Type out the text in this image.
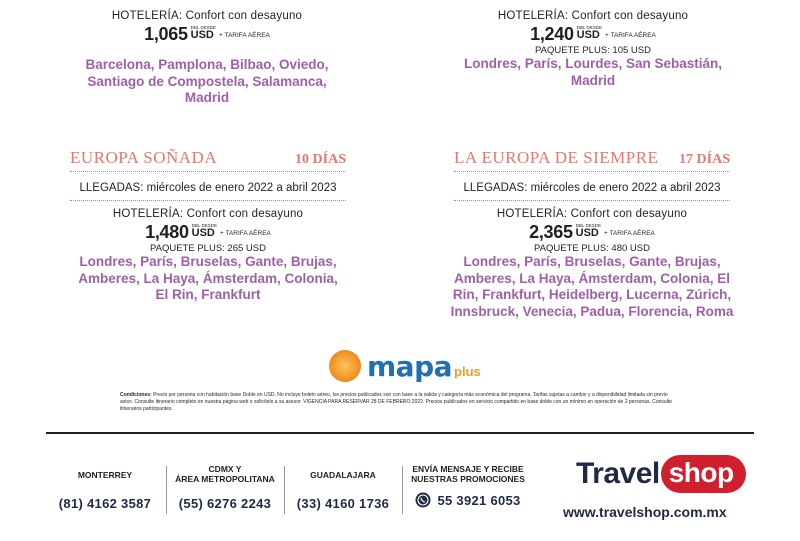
HOTELERÍA: Confort con desayuno
1,065 DBL DESDE
USD + TARIFA AÉREA
Barcelona, Pamplona, Bilbao, Oviedo, Santiago de Compostela, Salamanca, Madrid
HOTELERÍA: Confort con desayuno
1,240 DBL DESDE
USD + TARIFA AÉREA
PAQUETE PLUS: 105 USD
Londres, París, Lourdes, San Sebastián, Madrid
EUROPA SOÑADA	10 DÍAS
LLEGADAS: miércoles de enero 2022 a abril 2023
HOTELERÍA: Confort con desayuno
1,480 DBL DESDE
USD + TARIFA AÉREA
PAQUETE PLUS: 265 USD
Londres, París, Bruselas, Gante, Brujas, Amberes, La Haya, Ámsterdam, Colonia, El Rin, Frankfurt
LA EUROPA DE SIEMPRE 17 DÍAS
LLEGADAS: miércoles de enero 2022 a abril 2023
HOTELERÍA: Confort con desayuno
2,365 DBL DESDE
USD + TARIFA AÉREA
PAQUETE PLUS: 480 USD
Londres, París, Bruselas, Gante, Brujas, Amberes, La Haya, Ámsterdam, Colonia, El Rin, Frankfurt, Heidelberg, Lucerna, Zúrich, Innsbruck, Venecia, Padua, Florencia, Roma
mapa plus
Condiciones: Precio por persona con habitación base Doble en USD. No incluye boleto aéreo, los precios publicados son con base a la salida y categoría más económica del programa. Tarifas sujetas a cambio y a disponibilidad limitada sin previo aviso. Consulte itinerario completo en nuestra página web o solicítelo a su asesor. VIGENCIA PARA RESERVAR 28 DE FEBRERO 2022. Precios publicados en servicio compartido en base doble con un mínimo en operación de 2 personas. Consulte itinerarios participantes.
MONTERREY
(81) 4162 3587
CDMX Y
ÁREA METROPOLITANA
(55) 6276 2243
GUADALAJARA
(33) 4160 1736
ENVÍA MENSAJE Y RECIBE
NUESTRAS PROMOCIONES
55 3921 6053
Travel shop
www.travelshop.com.mx
